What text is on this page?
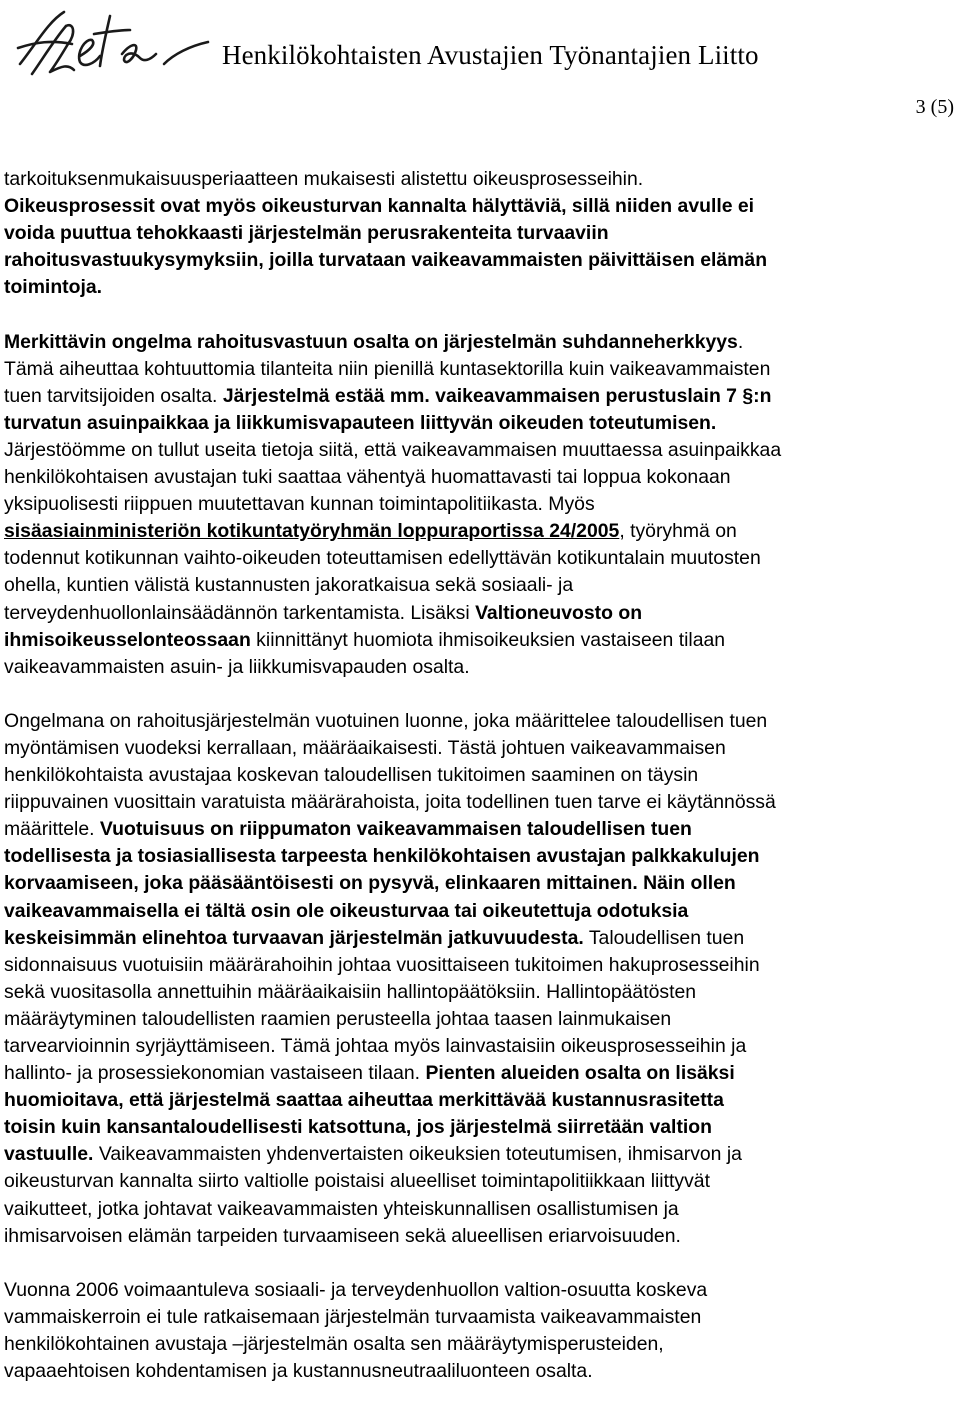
Henkilökohtaisten Avustajien Työnantajien Liitto
3 (5)

tarkoituksenmukaisuusperiaatteen mukaisesti alistettu oikeusprosesseihin.
Oikeusprosessit ovat myös oikeusturvan kannalta hälyttäviä, sillä niiden avulle ei
voida puuttua tehokkaasti järjestelmän perusrakenteita turvaaviin
rahoitusvastuukysymyksiin, joilla turvataan vaikeavammaisten päivittäisen elämän
toimintoja.

Merkittävin ongelma rahoitusvastuun osalta on järjestelmän suhdanneherkkyys.
Tämä aiheuttaa kohtuuttomia tilanteita niin pienillä kuntasektorilla kuin vaikeavammaisten
tuen tarvitsijoiden osalta. Järjestelmä estää mm. vaikeavammaisen perustuslain 7 §:n
turvatun asuinpaikkaa ja liikkumisvapauteen liittyvän oikeuden toteutumisen.
Järjestöömme on tullut useita tietoja siitä, että vaikeavammaisen muuttaessa asuinpaikkaa
henkilökohtaisen avustajan tuki saattaa vähentyä huomattavasti tai loppua kokonaan
yksipuolisesti riippuen muutettavan kunnan toimintapolitiikasta. Myös
sisäasiainministeriön kotikuntatyöryhmän loppuraportissa 24/2005, työryhmä on
todennut kotikunnan vaihto-oikeuden toteuttamisen edellyttävän kotikuntalain muutosten
ohella, kuntien välistä kustannusten jakoratkaisua sekä sosiaali- ja
terveydenhuollonlainsäädännön tarkentamista. Lisäksi Valtioneuvosto on
ihmisoikeusselonteossaan kiinnittänyt huomiota ihmisoikeuksien vastaiseen tilaan
vaikeavammaisten asuin- ja liikkumisvapauden osalta.

Ongelmana on rahoitusjärjestelmän vuotuinen luonne, joka määrittelee taloudellisen tuen
myöntämisen vuodeksi kerrallaan, määräaikaisesti. Tästä johtuen vaikeavammaisen
henkilökohtaista avustajaa koskevan taloudellisen tukitoimen saaminen on täysin
riippuvainen vuosittain varatuista määrärahoista, joita todellinen tuen tarve ei käytännössä
määrittele. Vuotuisuus on riippumaton vaikeavammaisen taloudellisen tuen
todellisesta ja tosiasiallisesta tarpeesta henkilökohtaisen avustajan palkkakulujen
korvaamiseen, joka pääsääntöisesti on pysyvä, elinkaaren mittainen. Näin ollen
vaikeavammaisella ei tältä osin ole oikeusturvaa tai oikeutettuja odotuksia
keskeisimmän elinehtoa turvaavan järjestelmän jatkuvuudesta. Taloudellisen tuen
sidonnaisuus vuotuisiin määrärahoihin johtaa vuosittaiseen tukitoimen hakuprosesseihin
sekä vuositasolla annettuihin määräaikaisiin hallintopäätöksiin. Hallintopäätösten
määräytyminen taloudellisten raamien perusteella johtaa taasen lainmukaisen
tarvearvioinnin syrjäyttämiseen. Tämä johtaa myös lainvastaisiin oikeusprosesseihin ja
hallinto- ja prosessiekonomian vastaiseen tilaan. Pienten alueiden osalta on lisäksi
huomioitava, että järjestelmä saattaa aiheuttaa merkittävää kustannusrasitetta
toisin kuin kansantaloudellisesti katsottuna, jos järjestelmä siirretään valtion
vastuulle. Vaikeavammaisten yhdenvertaisten oikeuksien toteutumisen, ihmisarvon ja
oikeusturvan kannalta siirto valtiolle poistaisi alueelliset toimintapolitiikkaan liittyvät
vaikutteet, jotka johtavat vaikeavammaisten yhteiskunnallisen osallistumisen ja
ihmisarvoisen elämän tarpeiden turvaamiseen sekä alueellisen eriarvoisuuden.

Vuonna 2006 voimaantuleva sosiaali- ja terveydenhuollon valtion-osuutta koskeva
vammaiskerroin ei tule ratkaisemaan järjestelmän turvaamista vaikeavammaisten
henkilökohtainen avustaja –järjestelmän osalta sen määräytymisperusteiden,
vapaaehtoisen kohdentamisen ja kustannusneutraaliluonteen osalta.
